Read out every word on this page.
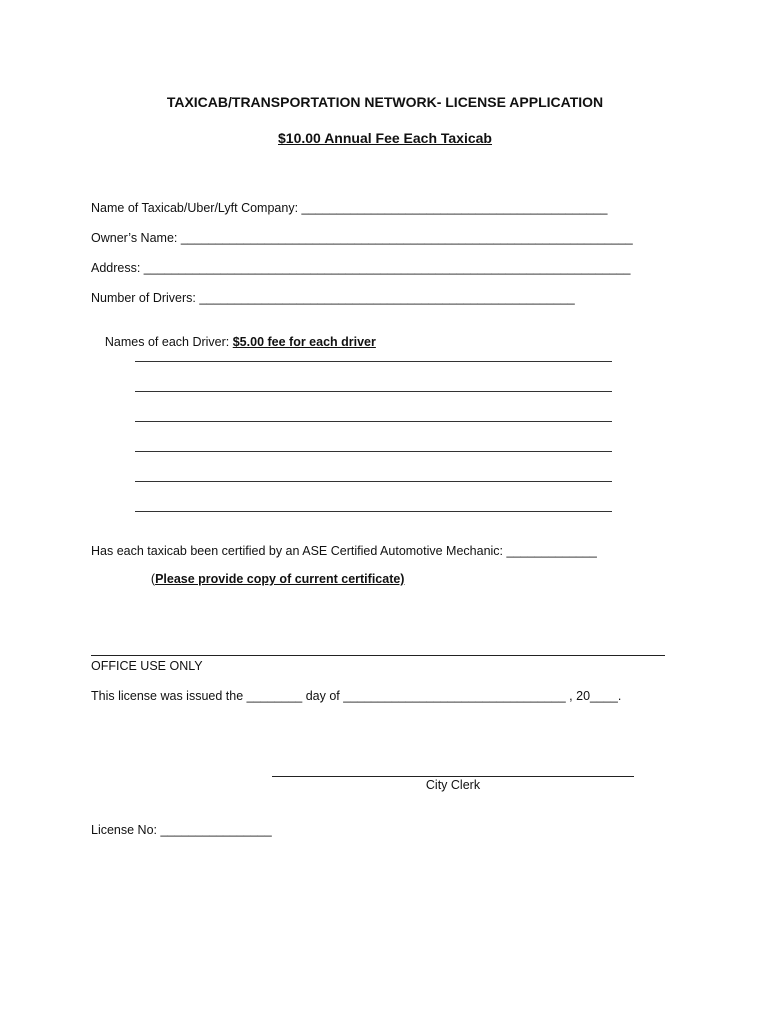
TAXICAB/TRANSPORTATION NETWORK- LICENSE APPLICATION
$10.00 Annual Fee Each Taxicab
Name of Taxicab/Uber/Lyft Company: ____________________________________________
Owner’s Name: _________________________________________________________________
Address: ______________________________________________________________________
Number of Drivers: ______________________________________________________

Names of each Driver: $5.00 fee for each driver

Has each taxicab been certified by an ASE Certified Automotive Mechanic: _____________

(Please provide copy of current certificate)

OFFICE USE ONLY
This license was issued the ________ day of ________________________________ , 20____.
City Clerk
License No: ________________
